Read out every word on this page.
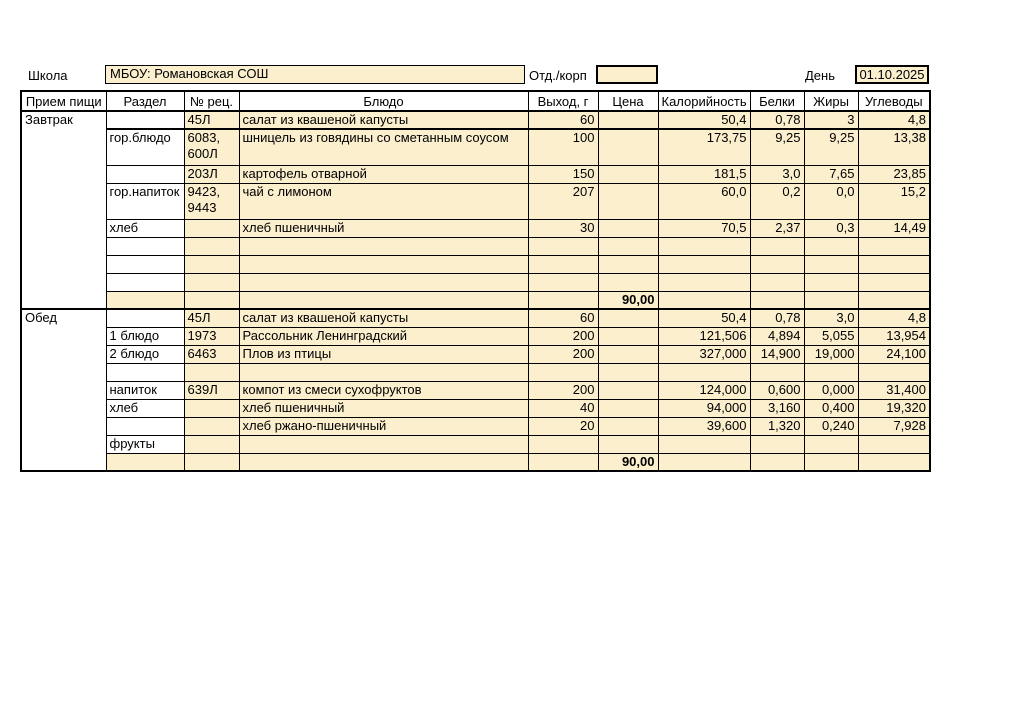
Школа	МБОУ: Романовская СОШ	Отд./корп	День	01.10.2025
Прием пищи	Раздел	№ рец.	Блюдо	Выход, г	Цена	Калорийность	Белки	Жиры	Углеводы
Завтрак		45Л	салат из квашеной капусты	60		50,4	0,78	3	4,8
	гор.блюдо	6083, 600Л	шницель из говядины со сметанным соусом	100		173,75	9,25	9,25	13,38
		203Л	картофель отварной	150		181,5	3,0	7,65	23,85
	гор.напиток	9423, 9443	чай с лимоном	207		60,0	0,2	0,0	15,2
	хлеб		хлеб пшеничный	30		70,5	2,37	0,3	14,49

					90,00				
Обед		45Л	салат из квашеной капусты	60		50,4	0,78	3,0	4,8
	1 блюдо	1973	Рассольник Ленинградский	200		121,506	4,894	5,055	13,954
	2 блюдо	6463	Плов из птицы	200		327,000	14,900	19,000	24,100

	напиток	639Л	компот из смеси сухофруктов	200		124,000	0,600	0,000	31,400
	хлеб		хлеб пшеничный	40		94,000	3,160	0,400	19,320
			хлеб ржано-пшеничный	20		39,600	1,320	0,240	7,928
	фрукты								
					90,00				
